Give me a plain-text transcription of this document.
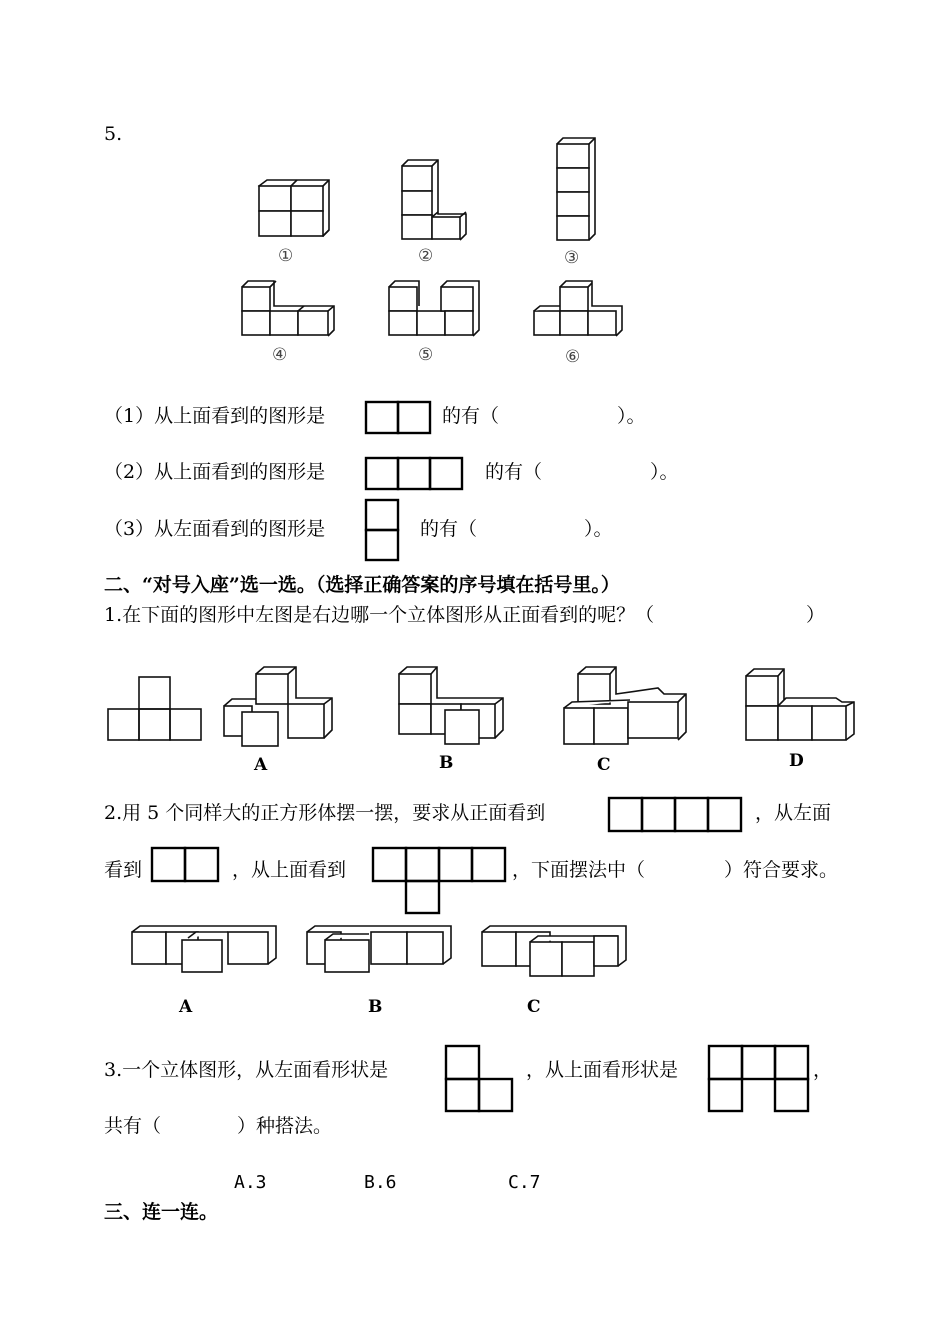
5.
①	②	③
④	⑤	⑥
（1）从上面看到的图形是	的有（	）。
（2）从上面看到的图形是	的有（	）。
（3）从左面看到的图形是	的有（	）。
二、“对号入座”选一选。（选择正确答案的序号填在括号里。）
1.在下面的图形中左图是右边哪一个立体图形从正面看到的呢？（	）
A	B	C	D
2.用 5 个同样大的正方形体摆一摆，要求从正面看到	，从左面
看到	，从上面看到	，下面摆法中（	）符合要求。
A	B	C
3.一个立体图形，从左面看形状是	，从上面看形状是	，
共有（	）种搭法。
A.3	B.6	C.7
三、连一连。
